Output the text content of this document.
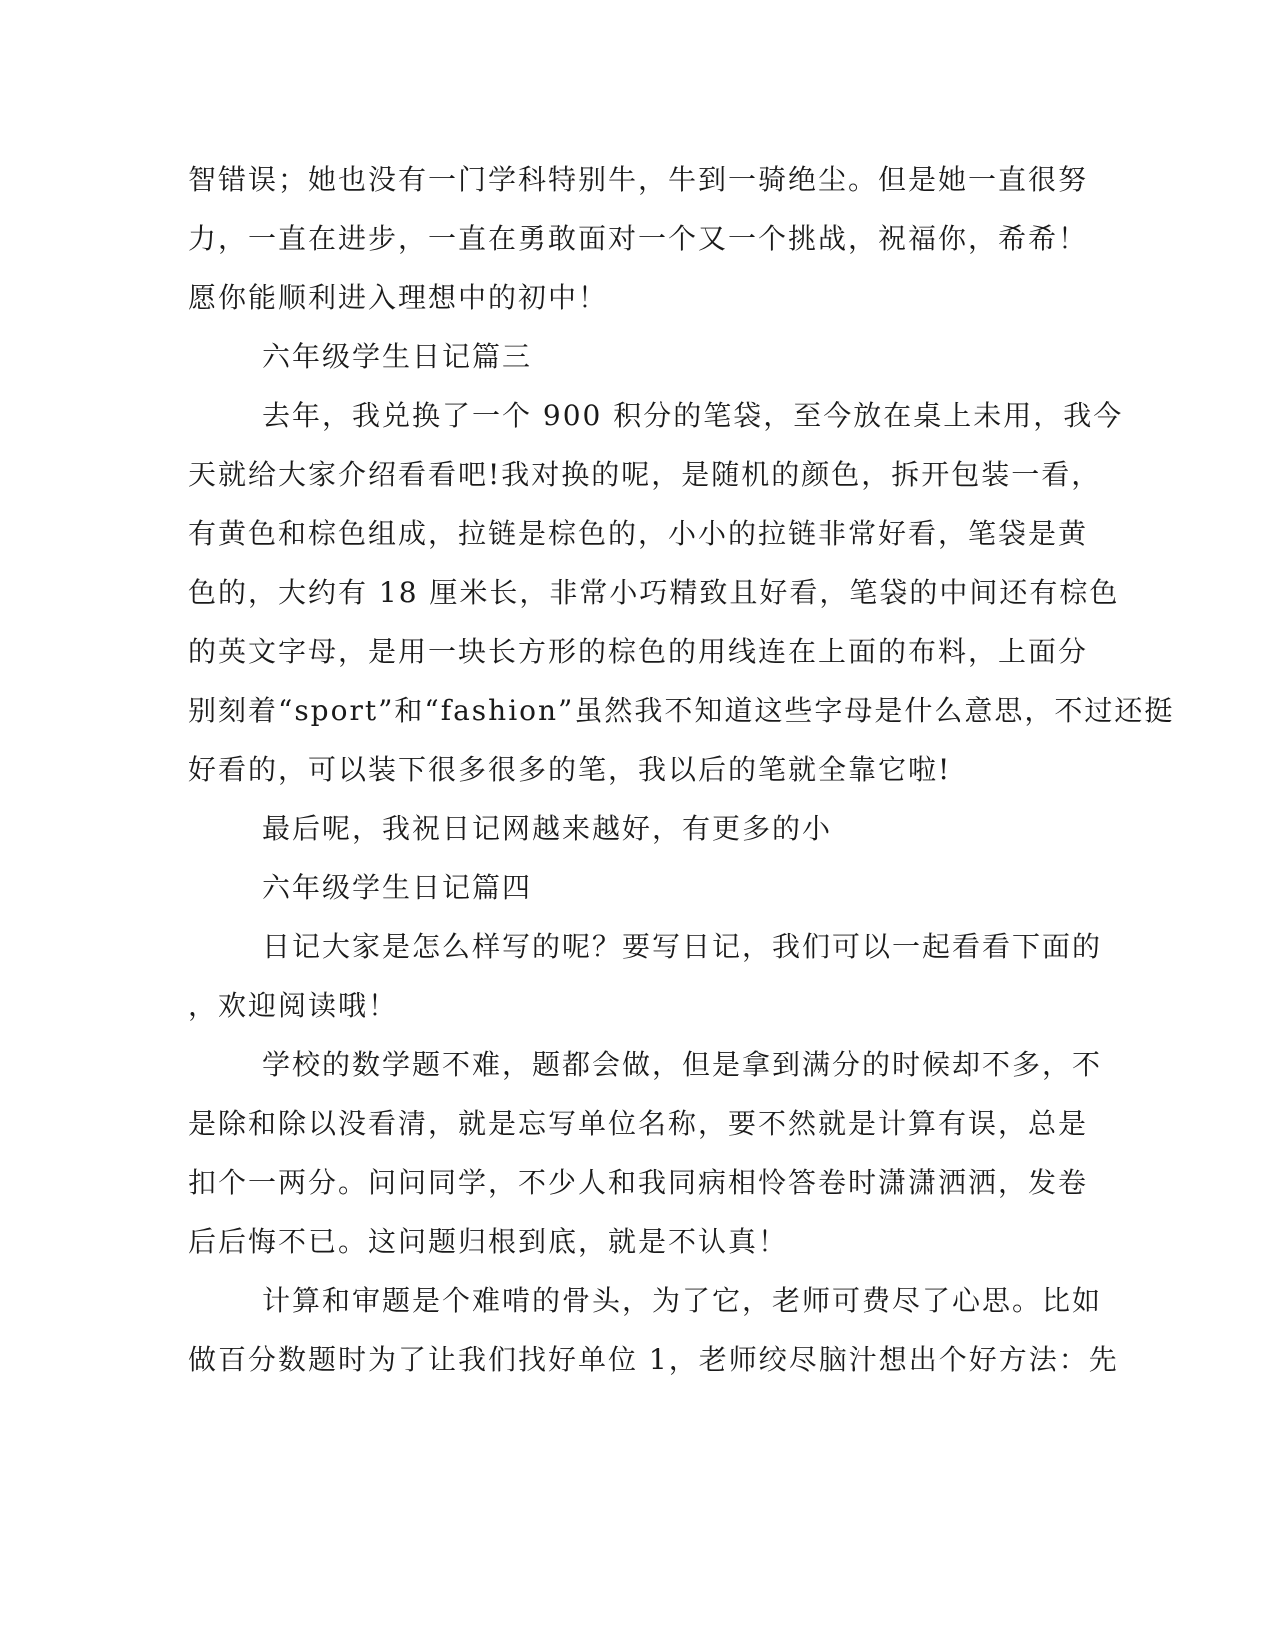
智错误；她也没有一门学科特别牛，牛到一骑绝尘。但是她一直很努
力，一直在进步，一直在勇敢面对一个又一个挑战，祝福你，希希！
愿你能顺利进入理想中的初中！
六年级学生日记篇三
去年，我兑换了一个 900 积分的笔袋，至今放在桌上未用，我今
天就给大家介绍看看吧!我对换的呢，是随机的颜色，拆开包装一看，
有黄色和棕色组成，拉链是棕色的，小小的拉链非常好看，笔袋是黄
色的，大约有 18 厘米长，非常小巧精致且好看，笔袋的中间还有棕色
的英文字母，是用一块长方形的棕色的用线连在上面的布料，上面分
别刻着“sport”和“fashion”虽然我不知道这些字母是什么意思，不过还挺
好看的，可以装下很多很多的笔，我以后的笔就全靠它啦!
最后呢，我祝日记网越来越好，有更多的小
六年级学生日记篇四
日记大家是怎么样写的呢？要写日记，我们可以一起看看下面的
，欢迎阅读哦！
学校的数学题不难，题都会做，但是拿到满分的时候却不多，不
是除和除以没看清，就是忘写单位名称，要不然就是计算有误，总是
扣个一两分。问问同学，不少人和我同病相怜答卷时潇潇洒洒，发卷
后后悔不已。这问题归根到底，就是不认真！
计算和审题是个难啃的骨头，为了它，老师可费尽了心思。比如
做百分数题时为了让我们找好单位 1，老师绞尽脑汁想出个好方法：先
